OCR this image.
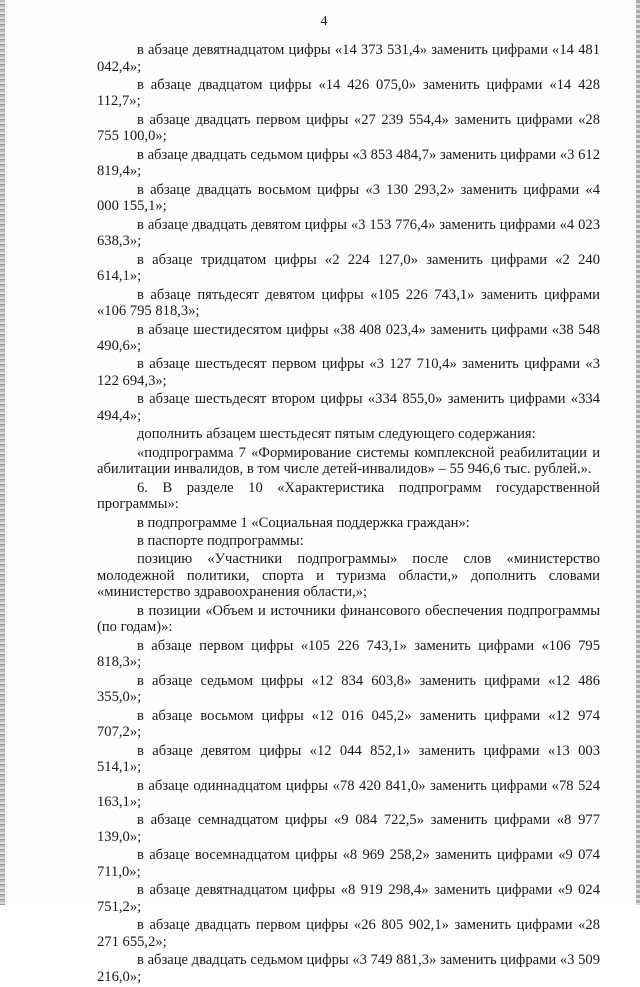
4

в абзаце девятнадцатом цифры «14 373 531,4» заменить цифрами «14 481 042,4»;

в абзаце двадцатом цифры «14 426 075,0» заменить цифрами «14 428 112,7»;

в абзаце двадцать первом цифры «27 239 554,4» заменить цифрами «28 755 100,0»;

в абзаце двадцать седьмом цифры «3 853 484,7» заменить цифрами «3 612 819,4»;

в абзаце двадцать восьмом цифры «3 130 293,2» заменить цифрами «4 000 155,1»;

в абзаце двадцать девятом цифры «3 153 776,4» заменить цифрами «4 023 638,3»;

в абзаце тридцатом цифры «2 224 127,0» заменить цифрами «2 240 614,1»;

в абзаце пятьдесят девятом цифры «105 226 743,1» заменить цифрами «106 795 818,3»;

в абзаце шестидесятом цифры «38 408 023,4» заменить цифрами «38 548 490,6»;

в абзаце шестьдесят первом цифры «3 127 710,4» заменить цифрами «3 122 694,3»;

в абзаце шестьдесят втором цифры «334 855,0» заменить цифрами «334 494,4»;

дополнить абзацем шестьдесят пятым следующего содержания:

«подпрограмма 7 «Формирование системы комплексной реабилитации и абилитации инвалидов, в том числе детей-инвалидов» – 55 946,6 тыс. рублей.».

6. В разделе 10 «Характеристика подпрограмм государственной программы»:

в подпрограмме 1 «Социальная поддержка граждан»:

в паспорте подпрограммы:

позицию «Участники подпрограммы» после слов «министерство молодежной политики, спорта и туризма области,» дополнить словами «министерство здравоохранения области,»;

в позиции «Объем и источники финансового обеспечения подпрограммы (по годам)»:

в абзаце первом цифры «105 226 743,1» заменить цифрами «106 795 818,3»;

в абзаце седьмом цифры «12 834 603,8» заменить цифрами «12 486 355,0»;

в абзаце восьмом цифры «12 016 045,2» заменить цифрами «12 974 707,2»;

в абзаце девятом цифры «12 044 852,1» заменить цифрами «13 003 514,1»;

в абзаце одиннадцатом цифры «78 420 841,0» заменить цифрами «78 524 163,1»;

в абзаце семнадцатом цифры «9 084 722,5» заменить цифрами «8 977 139,0»;

в абзаце восемнадцатом цифры «8 969 258,2» заменить цифрами «9 074 711,0»;

в абзаце девятнадцатом цифры «8 919 298,4» заменить цифрами «9 024 751,2»;

в абзаце двадцать первом цифры «26 805 902,1» заменить цифрами «28 271 655,2»;

в абзаце двадцать седьмом цифры «3 749 881,3» заменить цифрами «3 509 216,0»;
